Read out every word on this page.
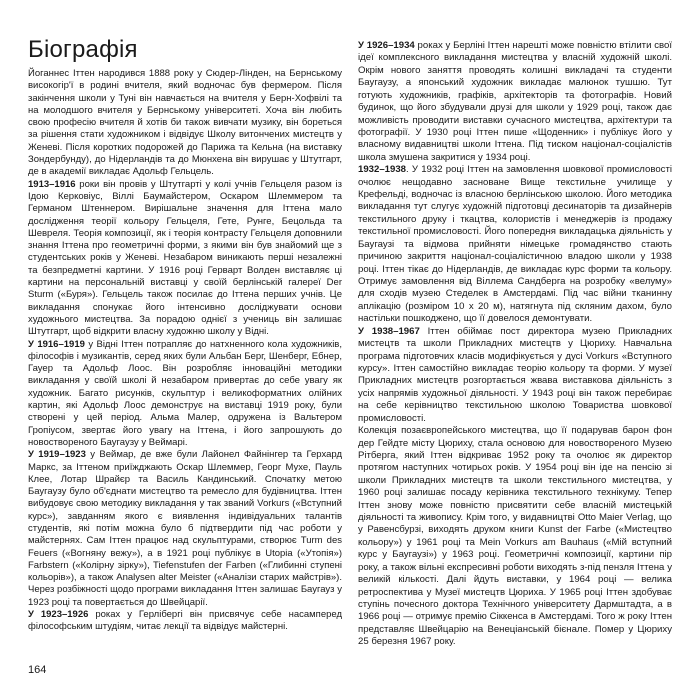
Біографія

Йоганнес Іттен народився 1888 року у Сюдер-Лінден, на Бернському високогір'ї в родині вчителя, який водночас був фермером. Після закінчення школи у Туні він навчається на вчителя у Берн-Хофвілі та на молодшого вчителя у Бернському університеті. Хоча він любить свою професію вчителя й хотів би також вивчати музику, він бореться за рішення стати художником і відвідує Школу витончених мистецтв у Женеві. Після коротких подорожей до Парижа та Кельна (на виставку Зондербунду), до Нідерландів та до Мюнхена він вирушає у Штутгарт, де в академії викладає Адольф Гельцель.

1913–1916 роки він провів у Штутгарті у колі учнів Гельцеля разом із Ідою Керковіус, Віллі Баумайстером, Оскаром Шлеммером та Германом Штеннером. Вирішальне значення для Іттена мало дослідження теорії кольору Гельцеля, Гете, Рунге, Бецольда та Шевреля. Теорія композиції, як і теорія контрасту Гельцеля доповнили знання Іттена про геометричні форми, з якими він був знайомий ще з студентських років у Женеві. Незабаром виникають перші незалежні та безпредметні картини. У 1916 році Герварт Волден виставляє ці картини на персональній виставці у своїй берлінській галереї Der Sturm («Буря»). Гельцель також посилає до Іттена перших учнів. Це викладання спонукає його інтенсивно досліджувати основи художнього мистецтва. За порадою однієї з учениць він залишає Штутгарт, щоб відкрити власну художню школу у Відні.

У 1916–1919 у Відні Іттен потрапляє до натхненного кола художників, філософів і музикантів, серед яких були Альбан Берг, Шенберг, Ебнер, Гауер та Адольф Лоос. Він розробляє інноваційні методики викладання у своїй школі й незабаром привертає до себе увагу як художник. Багато рисунків, скульптур і великоформатних олійних картин, які Адольф Лоос демонструє на виставці 1919 року, були створені у цей період. Альма Малер, одружена із Вальтером Гропіусом, звертає його увагу на Іттена, і його запрошують до новоствореного Баугаузу у Веймарі.

У 1919–1923 у Веймар, де вже були Лайонел Файнінгер та Герхард Маркс, за Іттеном приїжджають Оскар Шлеммер, Георг Мухе, Пауль Клее, Лотар Шрайєр та Василь Кандинський. Спочатку метою Баугаузу було об'єднати мистецтво та ремесло для будівництва. Іттен вибудовує свою методику викладання у так званий Vorkurs («Вступний курс»), завданням якого є виявлення індивідуальних талантів студентів, які потім можна було б підтвердити під час роботи у майстернях. Сам Іттен працює над скульптурами, створює Turm des Feuers («Вогняну вежу»), а в 1921 році публікує в Utopia («Утопія») Farbstern («Колірну зірку»), Tiefenstufen der Farben («Глибинні ступені кольорів»), а також Analysen alter Meister («Аналізи старих майстрів»). Через розбіжності щодо програми викладання Іттен залишає Баугауз у 1923 році та повертається до Швейцарії.

У 1923–1926 роках у Герлібергі він присвячує себе насамперед філософським штудіям, читає лекції та відвідує майстерні.

У 1926–1934 роках у Берліні Іттен нарешті може повністю втілити свої ідеї комплексного викладання мистецтва у власній художній школі. Окрім нового заняття проводять колишні викладачі та студенти Баугаузу, а японський художник викладає малюнок тушшю. Тут готують художників, графіків, архітекторів та фотографів. Новий будинок, що його збудували друзі для школи у 1929 році, також дає можливість проводити виставки сучасного мистецтва, архітектури та фотографії. У 1930 році Іттен пише «Щоденник» і публікує його у власному видавництві школи Іттена. Під тиском націонал-соціалістів школа змушена закритися у 1934 році.

1932–1938. У 1932 році Іттен на замовлення шовкової промисловості очолює нещодавно засноване Вище текстильне училище у Крефельді, водночас із власною берлінською школою. Його методика викладання тут слугує художній підготовці десинаторів та дизайнерів текстильного друку і ткацтва, колористів і менеджерів із продажу текстильної промисловості. Його попередня викладацька діяльність у Баугаузі та відмова прийняти німецьке громадянство стають причиною закриття націонал-соціалістичною владою школи у 1938 році. Іттен тікає до Нідерландів, де викладає курс форми та кольору. Отримує замовлення від Віллема Сандберга на розробку «велуму» для сходів музею Стеделек в Амстердамі. Під час війни тканинну аплікацію (розміром 10 х 20 м), натягнута під скляним дахом, було настільки пошкоджено, що її довелося демонтувати.

У 1938–1967 Іттен обіймає пост директора музею Прикладних мистецтв та школи Прикладних мистецтв у Цюриху. Навчальна програма підготовчих класів модифікується у дусі Vorkurs «Вступного курсу». Іттен самостійно викладає теорію кольору та форми. У музеї Прикладних мистецтв розгортається жвава виставкова діяльність з усіх напрямів художньої діяльності. У 1943 році він також перебирає на себе керівництво текстильною школою Товариства шовкової промисловості.

Колекція позаєвропейського мистецтва, що її подарував барон фон дер Гейдте місту Цюриху, стала основою для новоствореного Музею Рітберга, який Іттен відкриває 1952 року та очолює як директор протягом наступних чотирьох років. У 1954 році він іде на пенсію зі школи Прикладних мистецтв та школи текстильного мистецтва, у 1960 році залишає посаду керівника текстильного технікуму. Тепер Іттен знову може повністю присвятити себе власній мистецькій діяльності та живопису. Крім того, у видавництві Otto Maier Verlag, що у Равенсбурзі, виходять друком книги Kunst der Farbe («Мистецтво кольору») у 1961 році та Mein Vorkurs am Bauhaus («Мій вступний курс у Баугаузі») у 1963 році. Геометричні композиції, картини пір року, а також вільні експресивні роботи виходять з-під пензля Іттена у великій кількості. Далі йдуть виставки, у 1964 році — велика ретроспектива у Музеї мистецтв Цюриха. У 1965 році Іттен здобуває ступінь почесного доктора Технічного університету Дармштадта, а в 1966 році — отримує премію Сіккенса в Амстердамі. Того ж року Іттен представляє Швейцарію на Венеціанській бієнале. Помер у Цюриху 25 березня 1967 року.

164
